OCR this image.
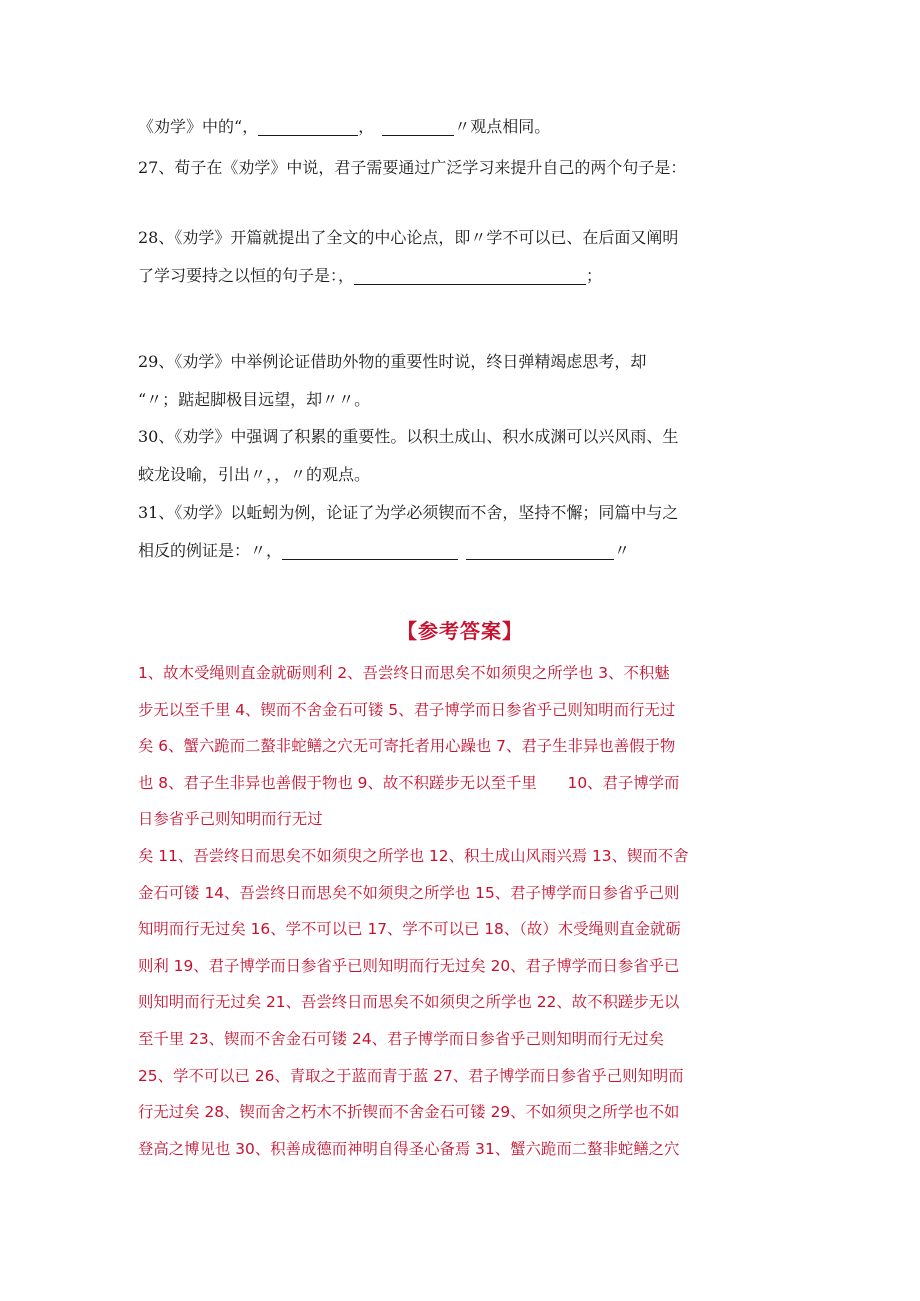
《劝学》中的“，	，	〃观点相同。
27、荀子在《劝学》中说，君子需要通过广泛学习来提升自己的两个句子是：
28、《劝学》开篇就提出了全文的中心论点，即〃学不可以已、在后面又阐明
了学习要持之以恒的句子是：，	；
29、《劝学》中举例论证借助外物的重要性时说，终日弹精竭虑思考，却
“〃；踮起脚极目远望，却〃〃。
30、《劝学》中强调了积累的重要性。以积土成山、积水成渊可以兴风雨、生
蛟龙设喻，引出〃，，〃的观点。
31、《劝学》以蚯蚓为例，论证了为学必须锲而不舍，坚持不懈；同篇中与之
相反的例证是：〃，	〃
【参考答案】
1、故木受绳则直金就砺则利 2、吾尝终日而思矣不如须臾之所学也 3、不积魅
步无以至千里 4、锲而不舍金石可镂 5、君子博学而日参省乎己则知明而行无过
矣 6、蟹六跪而二螯非蛇鳝之穴无可寄托者用心躁也 7、君子生非异也善假于物
也 8、君子生非异也善假于物也 9、故不积蹉步无以至千里　　10、君子博学而
日参省乎己则知明而行无过
矣 11、吾尝终日而思矣不如须臾之所学也 12、积土成山风雨兴焉 13、锲而不舍
金石可镂 14、吾尝终日而思矣不如须臾之所学也 15、君子博学而日参省乎己则
知明而行无过矣 16、学不可以已 17、学不可以已 18、（故）木受绳则直金就砺
则利 19、君子博学而日参省乎已则知明而行无过矣 20、君子博学而日参省乎已
则知明而行无过矣 21、吾尝终日而思矣不如须臾之所学也 22、故不积蹉步无以
至千里 23、锲而不舍金石可镂 24、君子博学而日参省乎己则知明而行无过矣
25、学不可以已 26、青取之于蓝而青于蓝 27、君子博学而日参省乎己则知明而
行无过矣 28、锲而舍之朽木不折锲而不舍金石可镂 29、不如须臾之所学也不如
登高之博见也 30、积善成德而神明自得圣心备焉 31、蟹六跪而二螯非蛇鳝之穴
